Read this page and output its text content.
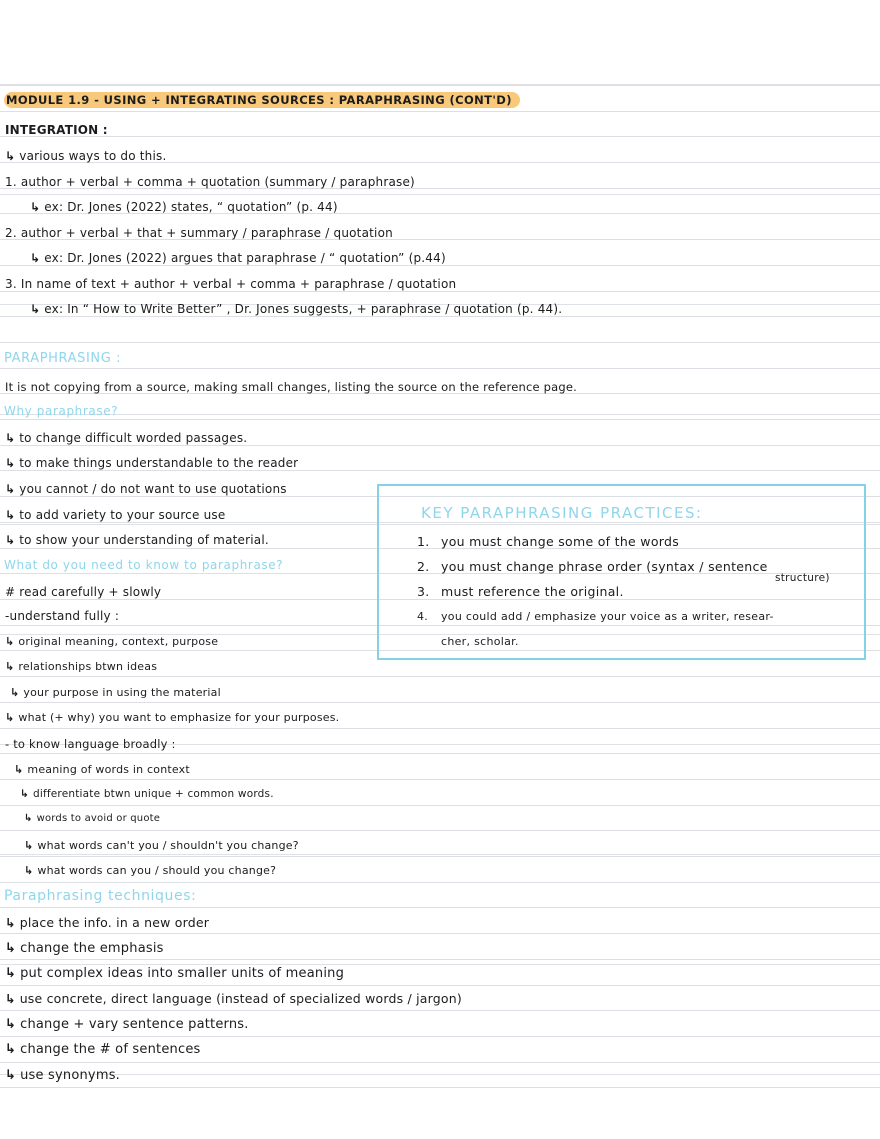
MODULE 1.9 - USING + INTEGRATING SOURCES : PARAPHRASING (CONT'D)
INTEGRATION :
↳ various ways to do this.
1. author + verbal + comma + quotation (summary / paraphrase)
↳ ex: Dr. Jones (2022) states, “ quotation” (p. 44)
2. author + verbal + that + summary / paraphrase / quotation
↳ ex: Dr. Jones (2022) argues that paraphrase / “ quotation” (p.44)
3. In name of text + author + verbal + comma + paraphrase / quotation
↳ ex: In “ How to Write Better” , Dr. Jones suggests, + paraphrase / quotation (p. 44).
PARAPHRASING :
It is not copying from a source, making small changes, listing the source on the reference page.
Why paraphrase?
↳ to change difficult worded passages.
↳ to make things understandable to the reader
↳ you cannot / do not want to use quotations
↳ to add variety to your source use
↳ to show your understanding of material.
What do you need to know to paraphrase?
# read carefully + slowly
-understand fully :
↳ original meaning, context, purpose
↳ relationships btwn ideas
↳ your purpose in using the material
↳ what (+ why) you want to emphasize for your purposes.
- to know language broadly :
↳ meaning of words in context
↳ differentiate btwn unique + common words.
↳ words to avoid or quote
↳ what words can't you / shouldn't you change?
↳ what words can you / should you change?
Paraphrasing techniques:
↳ place the info. in a new order
↳ change the emphasis
↳ put complex ideas into smaller units of meaning
↳ use concrete, direct language (instead of specialized words / jargon)
↳ change + vary sentence patterns.
↳ change the # of sentences
↳ use synonyms.
KEY PARAPHRASING PRACTICES:
1. you must change some of the words
2. you must change phrase order (syntax / sentence
structure)
3. must reference the original.
4. you could add / emphasize your voice as a writer, resear-
cher, scholar.
